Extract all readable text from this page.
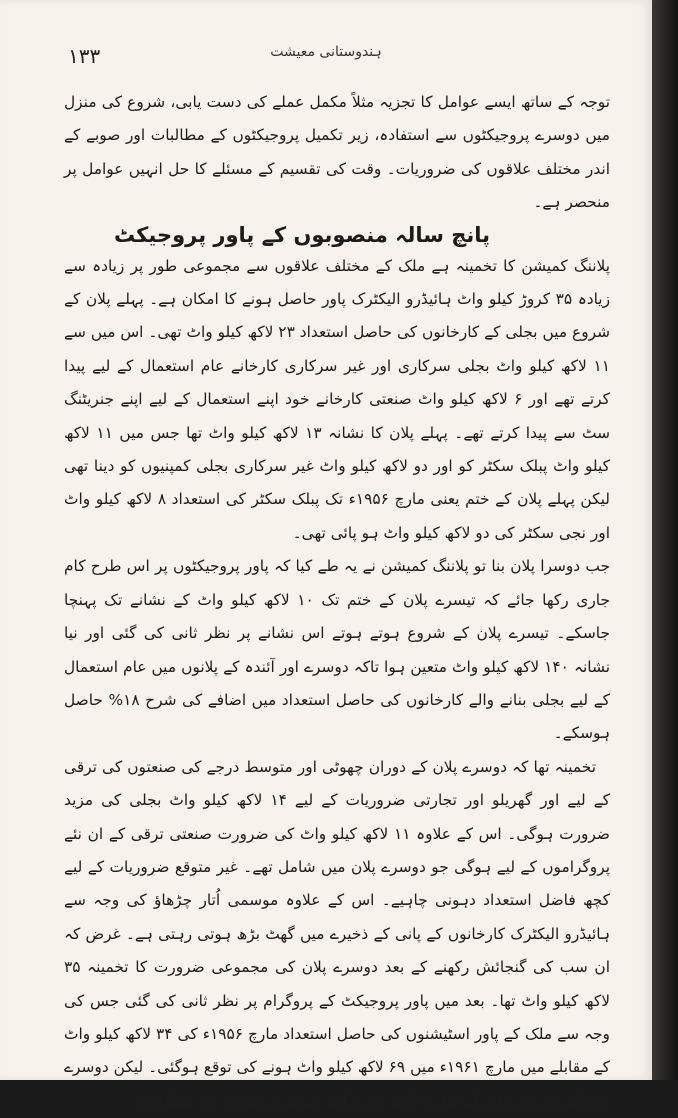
۱۳۳	ہندوستانی معیشت

توجہ کے ساتھ ایسے عوامل کا تجزیہ مثلاً مکمل عملے کی دست یابی، شروع کی منزل میں دوسرے پروجیکٹوں سے استفادہ، زیر تکمیل پروجیکٹوں کے مطالبات اور صوبے کے اندر مختلف علاقوں کی ضروریات۔ وقت کی تقسیم کے مسئلے کا حل انہیں عوامل پر منحصر ہے۔

پانچ سالہ منصوبوں کے پاور پروجیکٹ

پلاننگ کمیشن کا تخمینہ ہے ملک کے مختلف علاقوں سے مجموعی طور پر زیادہ سے زیادہ ۳۵ کروڑ کیلو واٹ ہائیڈرو الیکٹرک پاور حاصل ہونے کا امکان ہے۔ پہلے پلان کے شروع میں بجلی کے کارخانوں کی حاصل استعداد ۲۳ لاکھ کیلو واٹ تھی۔ اس میں سے ۱۱ لاکھ کیلو واٹ بجلی سرکاری اور غیر سرکاری کارخانے عام استعمال کے لیے پیدا کرتے تھے اور ۶ لاکھ کیلو واٹ صنعتی کارخانے خود اپنے استعمال کے لیے اپنے جنریٹنگ سٹ سے پیدا کرتے تھے۔ پہلے پلان کا نشانہ ۱۳ لاکھ کیلو واٹ تھا جس میں ۱۱ لاکھ کیلو واٹ پبلک سکٹر کو اور دو لاکھ کیلو واٹ غیر سرکاری بجلی کمپنیوں کو دینا تھی لیکن پہلے پلان کے ختم یعنی مارچ ۱۹۵۶ء تک پبلک سکٹر کی استعداد ۸ لاکھ کیلو واٹ اور نجی سکٹر کی دو لاکھ کیلو واٹ ہو پائی تھی۔

جب دوسرا پلان بنا تو پلاننگ کمیشن نے یہ طے کیا کہ پاور پروجیکٹوں پر اس طرح کام جاری رکھا جائے کہ تیسرے پلان کے ختم تک ۱۰ لاکھ کیلو واٹ کے نشانے تک پہنچا جاسکے۔ تیسرے پلان کے شروع ہوتے ہوتے اس نشانے پر نظر ثانی کی گئی اور نیا نشانہ ۱۴۰ لاکھ کیلو واٹ متعین ہوا تاکہ دوسرے اور آئندہ کے پلانوں میں عام استعمال کے لیے بجلی بنانے والے کارخانوں کی حاصل استعداد میں اضافے کی شرح ۱۸% حاصل ہوسکے۔

تخمینہ تھا کہ دوسرے پلان کے دوران چھوٹی اور متوسط درجے کی صنعتوں کی ترقی کے لیے اور گھریلو اور تجارتی ضروریات کے لیے ۱۴ لاکھ کیلو واٹ بجلی کی مزید ضرورت ہوگی۔ اس کے علاوہ ۱۱ لاکھ کیلو واٹ کی ضرورت صنعتی ترقی کے ان نئے پروگراموں کے لیے ہوگی جو دوسرے پلان میں شامل تھے۔ غیر متوقع ضروریات کے لیے کچھ فاضل استعداد دہونی چاہیے۔ اس کے علاوہ موسمی اُتار چڑھاؤ کی وجہ سے ہائیڈرو الیکٹرک کارخانوں کے پانی کے ذخیرے میں گھٹ بڑھ ہوتی رہتی ہے۔ غرض کہ ان سب کی گنجائش رکھنے کے بعد دوسرے پلان کی مجموعی ضرورت کا تخمینہ ۳۵ لاکھ کیلو واٹ تھا۔ بعد میں پاور پروجیکٹ کے پروگرام پر نظر ثانی کی گئی جس کی وجہ سے ملک کے پاور اسٹیشنوں کی حاصل استعداد مارچ ۱۹۵۶ء کی ۳۴ لاکھ کیلو واٹ کے مقابلے میں مارچ ۱۹۶۱ء میں ۶۹ لاکھ کیلو واٹ ہونے کی توقع ہوگئی۔ لیکن دوسرے پلان کے دوران بجلی کے بھاری آلات کی درآمد کے لیے زرمبادلہ کی مشکلات
